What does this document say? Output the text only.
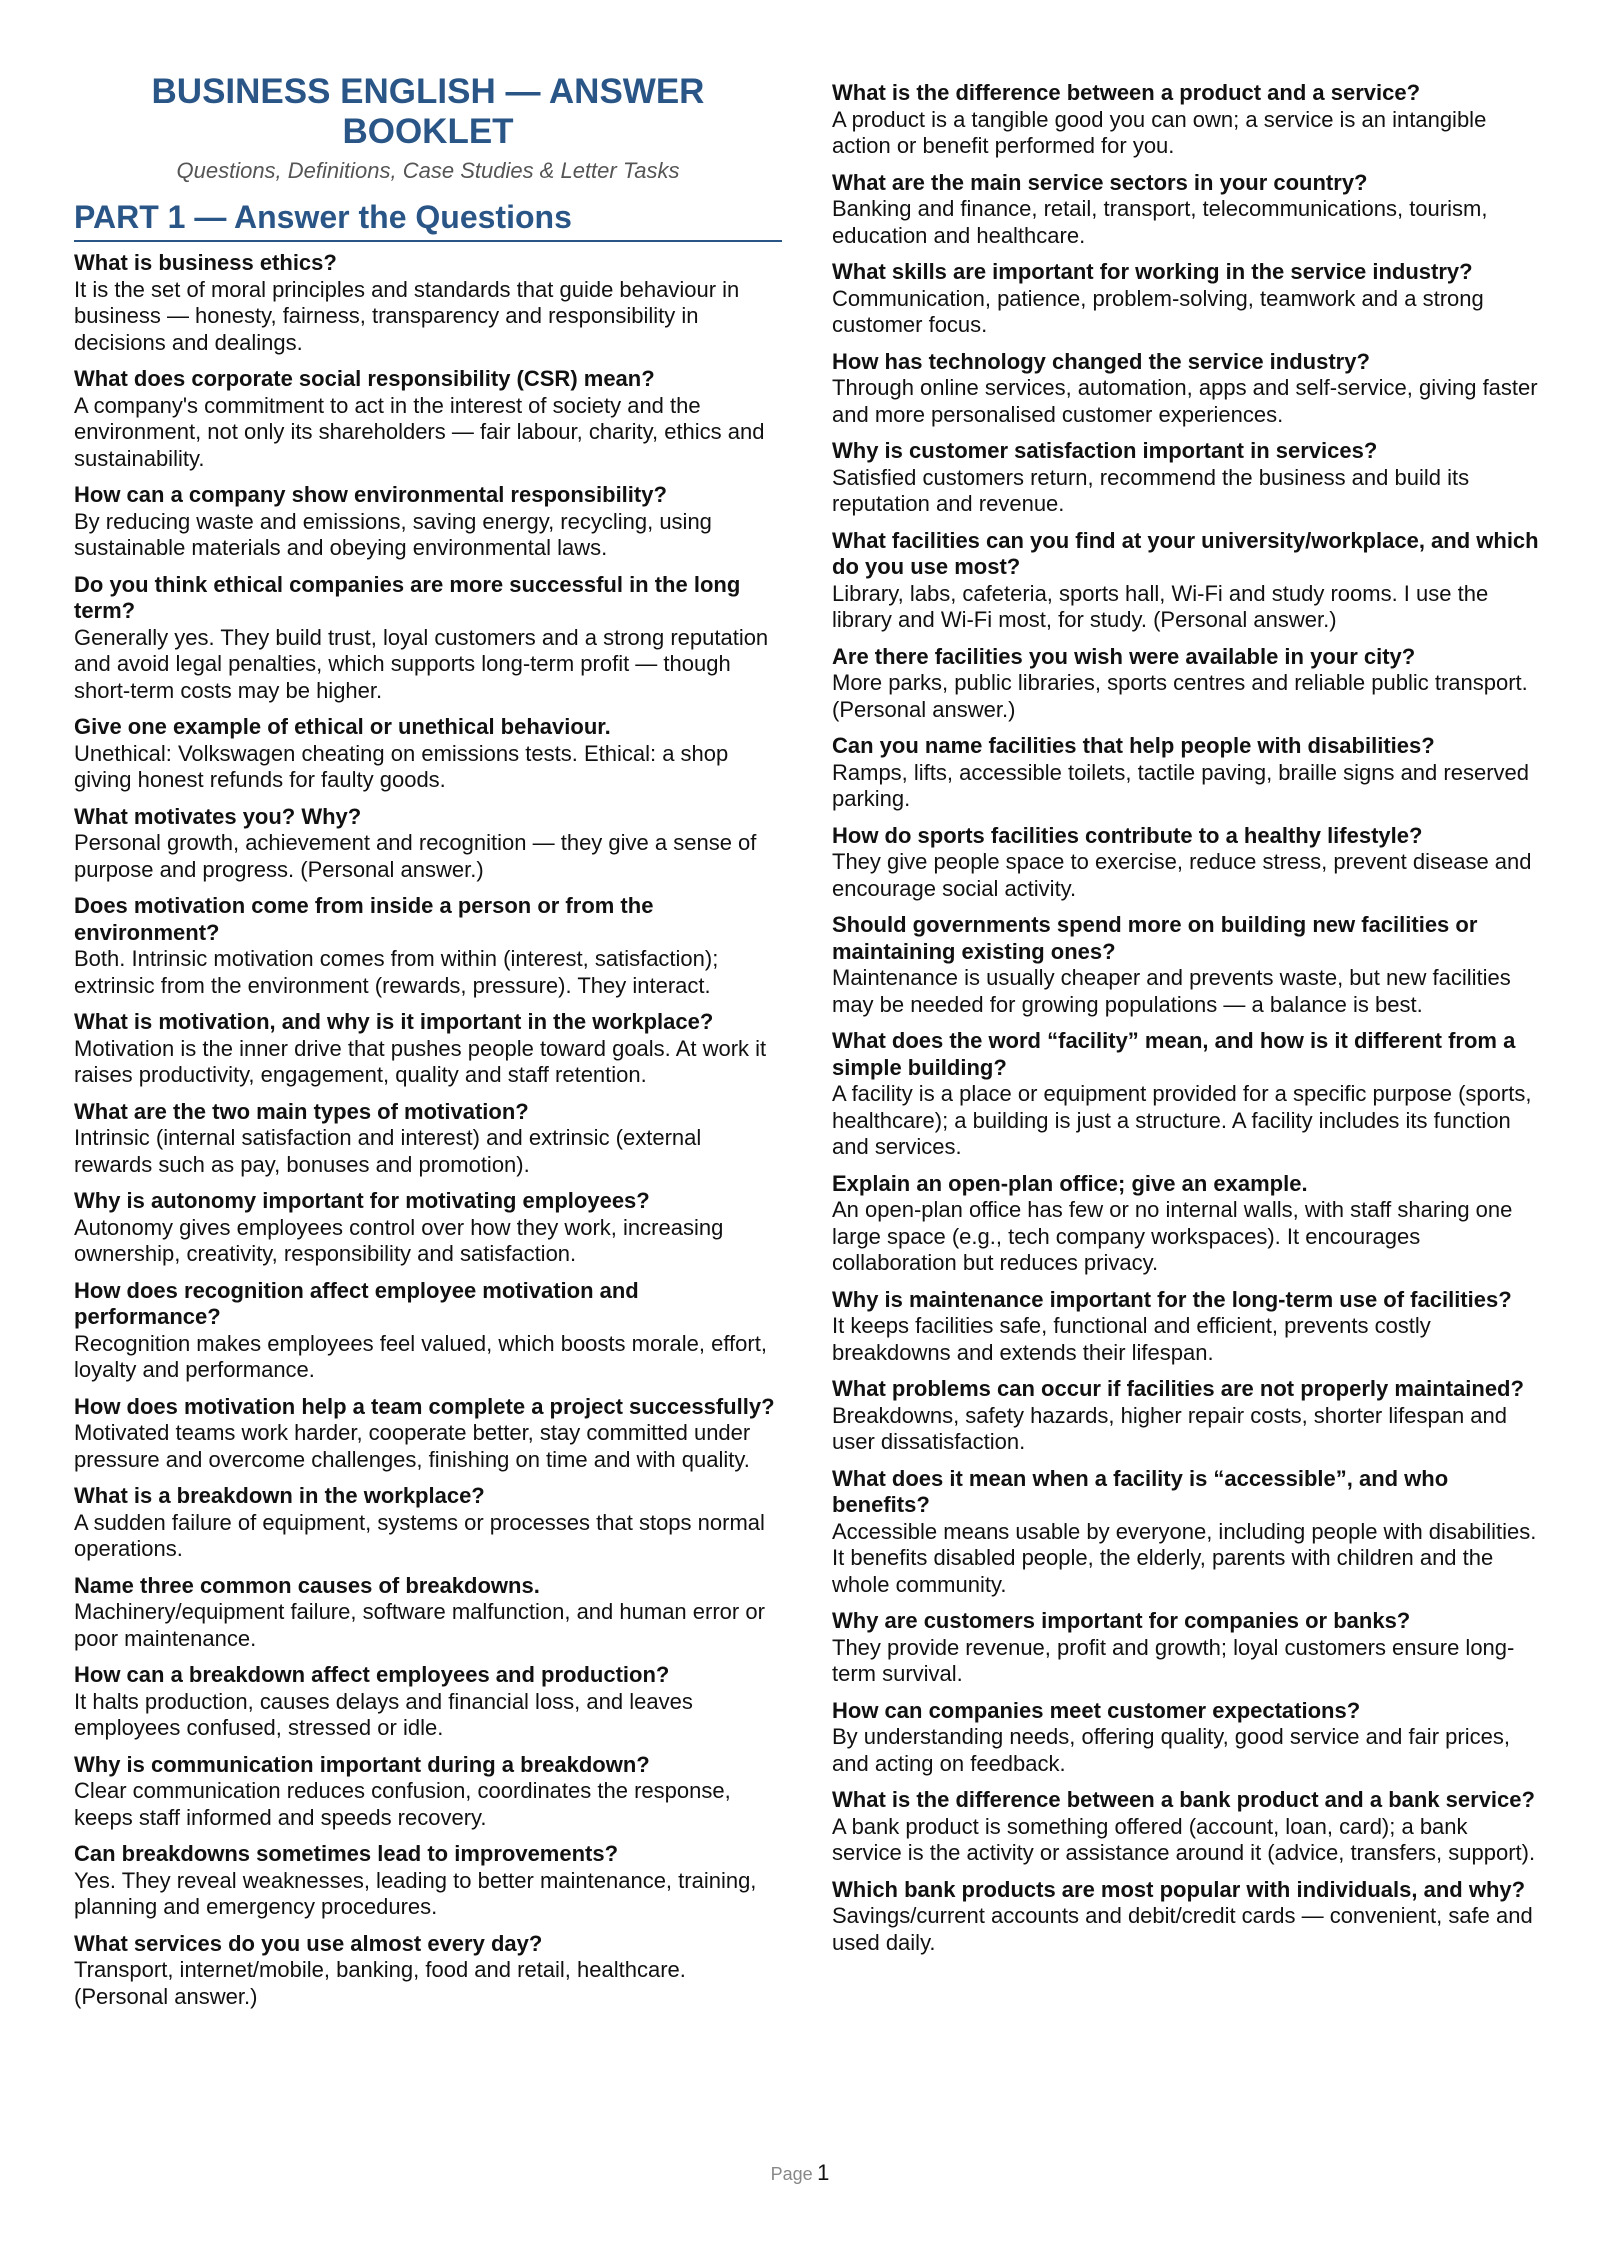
BUSINESS ENGLISH — ANSWER BOOKLET
Questions, Definitions, Case Studies & Letter Tasks
PART 1 — Answer the Questions
What is business ethics?
It is the set of moral principles and standards that guide behaviour in business — honesty, fairness, transparency and responsibility in decisions and dealings.
What does corporate social responsibility (CSR) mean?
A company's commitment to act in the interest of society and the environment, not only its shareholders — fair labour, charity, ethics and sustainability.
How can a company show environmental responsibility?
By reducing waste and emissions, saving energy, recycling, using sustainable materials and obeying environmental laws.
Do you think ethical companies are more successful in the long term?
Generally yes. They build trust, loyal customers and a strong reputation and avoid legal penalties, which supports long-term profit — though short-term costs may be higher.
Give one example of ethical or unethical behaviour.
Unethical: Volkswagen cheating on emissions tests. Ethical: a shop giving honest refunds for faulty goods.
What motivates you? Why?
Personal growth, achievement and recognition — they give a sense of purpose and progress. (Personal answer.)
Does motivation come from inside a person or from the environment?
Both. Intrinsic motivation comes from within (interest, satisfaction); extrinsic from the environment (rewards, pressure). They interact.
What is motivation, and why is it important in the workplace?
Motivation is the inner drive that pushes people toward goals. At work it raises productivity, engagement, quality and staff retention.
What are the two main types of motivation?
Intrinsic (internal satisfaction and interest) and extrinsic (external rewards such as pay, bonuses and promotion).
Why is autonomy important for motivating employees?
Autonomy gives employees control over how they work, increasing ownership, creativity, responsibility and satisfaction.
How does recognition affect employee motivation and performance?
Recognition makes employees feel valued, which boosts morale, effort, loyalty and performance.
How does motivation help a team complete a project successfully?
Motivated teams work harder, cooperate better, stay committed under pressure and overcome challenges, finishing on time and with quality.
What is a breakdown in the workplace?
A sudden failure of equipment, systems or processes that stops normal operations.
Name three common causes of breakdowns.
Machinery/equipment failure, software malfunction, and human error or poor maintenance.
How can a breakdown affect employees and production?
It halts production, causes delays and financial loss, and leaves employees confused, stressed or idle.
Why is communication important during a breakdown?
Clear communication reduces confusion, coordinates the response, keeps staff informed and speeds recovery.
Can breakdowns sometimes lead to improvements?
Yes. They reveal weaknesses, leading to better maintenance, training, planning and emergency procedures.
What services do you use almost every day?
Transport, internet/mobile, banking, food and retail, healthcare. (Personal answer.)
What is the difference between a product and a service?
A product is a tangible good you can own; a service is an intangible action or benefit performed for you.
What are the main service sectors in your country?
Banking and finance, retail, transport, telecommunications, tourism, education and healthcare.
What skills are important for working in the service industry?
Communication, patience, problem-solving, teamwork and a strong customer focus.
How has technology changed the service industry?
Through online services, automation, apps and self-service, giving faster and more personalised customer experiences.
Why is customer satisfaction important in services?
Satisfied customers return, recommend the business and build its reputation and revenue.
What facilities can you find at your university/workplace, and which do you use most?
Library, labs, cafeteria, sports hall, Wi-Fi and study rooms. I use the library and Wi-Fi most, for study. (Personal answer.)
Are there facilities you wish were available in your city?
More parks, public libraries, sports centres and reliable public transport. (Personal answer.)
Can you name facilities that help people with disabilities?
Ramps, lifts, accessible toilets, tactile paving, braille signs and reserved parking.
How do sports facilities contribute to a healthy lifestyle?
They give people space to exercise, reduce stress, prevent disease and encourage social activity.
Should governments spend more on building new facilities or maintaining existing ones?
Maintenance is usually cheaper and prevents waste, but new facilities may be needed for growing populations — a balance is best.
What does the word “facility” mean, and how is it different from a simple building?
A facility is a place or equipment provided for a specific purpose (sports, healthcare); a building is just a structure. A facility includes its function and services.
Explain an open-plan office; give an example.
An open-plan office has few or no internal walls, with staff sharing one large space (e.g., tech company workspaces). It encourages collaboration but reduces privacy.
Why is maintenance important for the long-term use of facilities?
It keeps facilities safe, functional and efficient, prevents costly breakdowns and extends their lifespan.
What problems can occur if facilities are not properly maintained?
Breakdowns, safety hazards, higher repair costs, shorter lifespan and user dissatisfaction.
What does it mean when a facility is “accessible”, and who benefits?
Accessible means usable by everyone, including people with disabilities. It benefits disabled people, the elderly, parents with children and the whole community.
Why are customers important for companies or banks?
They provide revenue, profit and growth; loyal customers ensure long-term survival.
How can companies meet customer expectations?
By understanding needs, offering quality, good service and fair prices, and acting on feedback.
What is the difference between a bank product and a bank service?
A bank product is something offered (account, loan, card); a bank service is the activity or assistance around it (advice, transfers, support).
Which bank products are most popular with individuals, and why?
Savings/current accounts and debit/credit cards — convenient, safe and used daily.
Page 1
